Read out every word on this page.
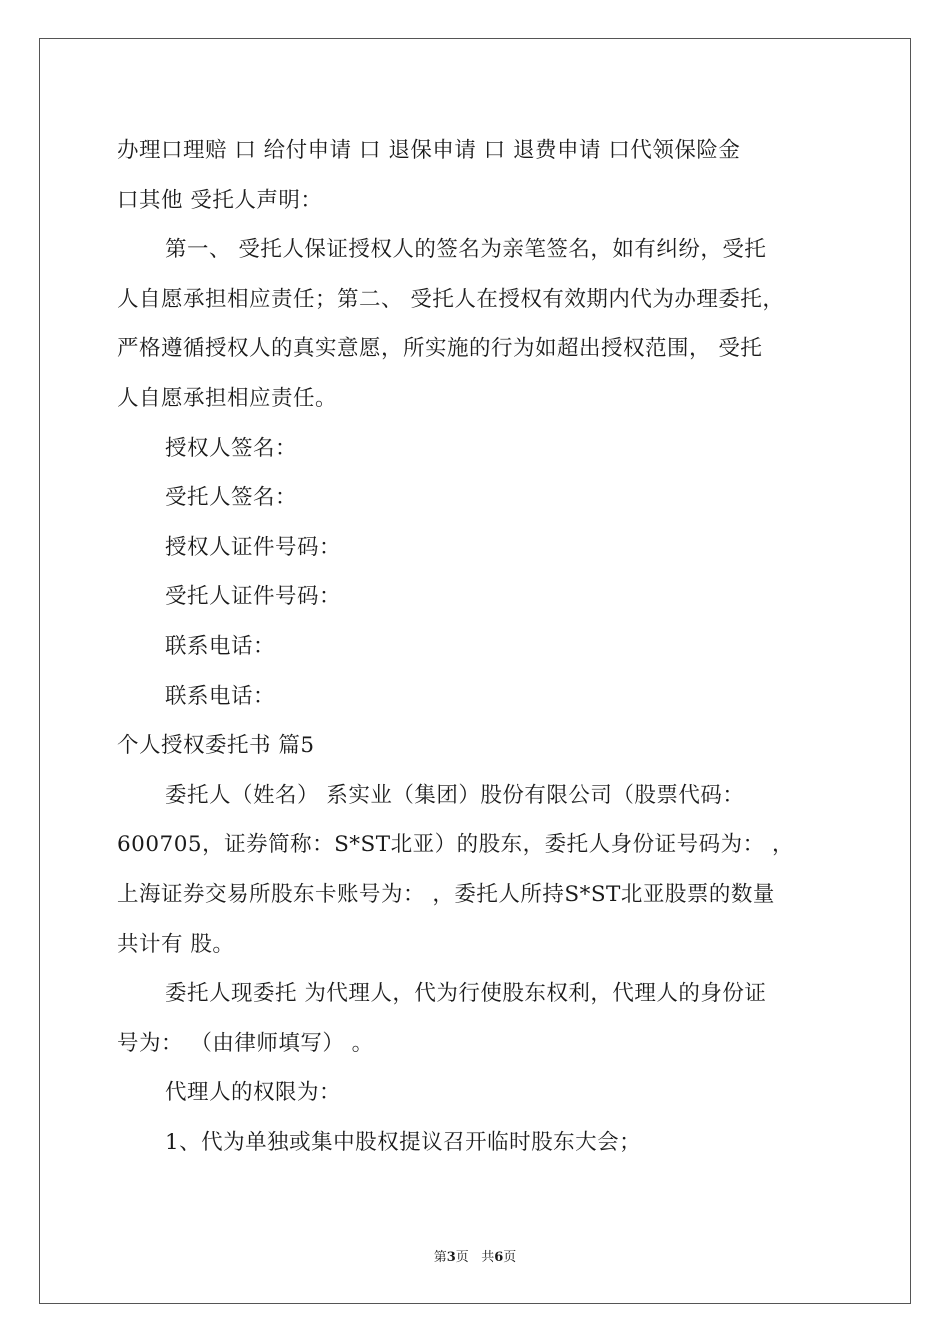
办理口理赔 口 给付申请 口 退保申请 口 退费申请 口代领保险金
口其他 受托人声明：
第一、 受托人保证授权人的签名为亲笔签名，如有纠纷，受托
人自愿承担相应责任；第二、 受托人在授权有效期内代为办理委托，
严格遵循授权人的真实意愿，所实施的行为如超出授权范围， 受托
人自愿承担相应责任。
授权人签名：
受托人签名：
授权人证件号码：
受托人证件号码：
联系电话：
联系电话：
个人授权委托书 篇5
委托人（姓名） 系实业（集团）股份有限公司（股票代码：
600705，证券简称：S*ST北亚）的股东，委托人身份证号码为： ，
上海证券交易所股东卡账号为： ，委托人所持S*ST北亚股票的数量
共计有 股。
委托人现委托 为代理人，代为行使股东权利，代理人的身份证
号为： （由律师填写） 。
代理人的权限为：
1、代为单独或集中股权提议召开临时股东大会；
第3页 共6页
